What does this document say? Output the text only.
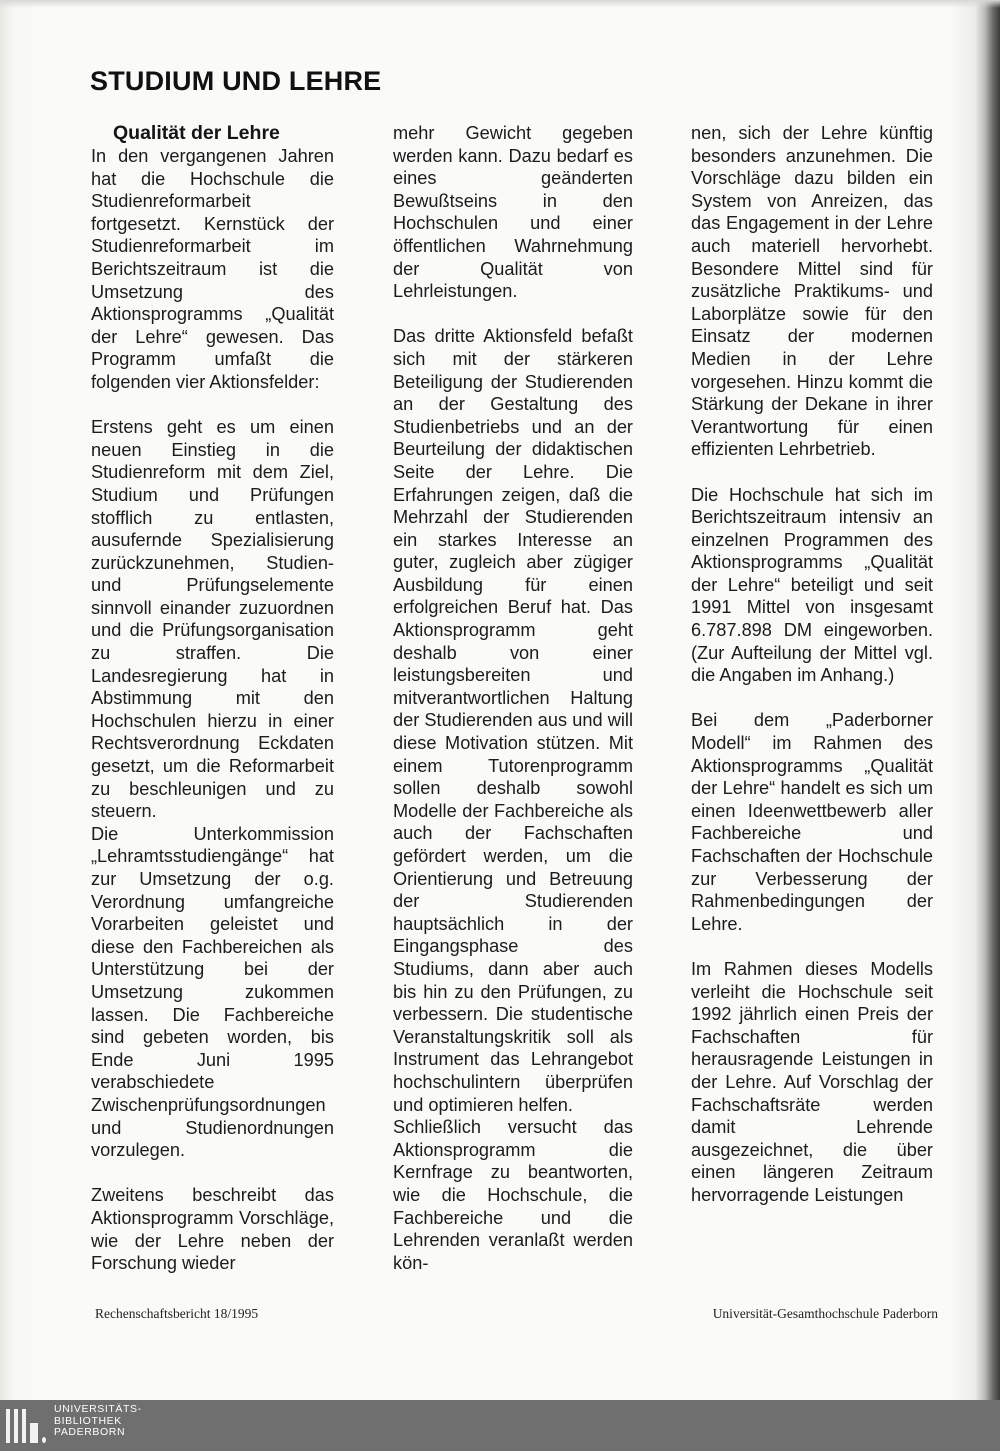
STUDIUM UND LEHRE
Qualität der Lehre

In den vergangenen Jahren hat die Hochschule die Studienreformarbeit fortgesetzt. Kernstück der Studienreformarbeit im Berichtszeitraum ist die Umsetzung des Aktionsprogramms „Qualität der Lehre“ gewesen. Das Programm umfaßt die folgenden vier Aktionsfelder:

Erstens geht es um einen neuen Einstieg in die Studienreform mit dem Ziel, Studium und Prüfungen stofflich zu entlasten, ausufernde Spezialisierung zurückzunehmen, Studien- und Prüfungselemente sinnvoll einander zuzuordnen und die Prüfungsorganisation zu straffen. Die Landesregierung hat in Abstimmung mit den Hochschulen hierzu in einer Rechtsverordnung Eckdaten gesetzt, um die Reformarbeit zu beschleunigen und zu steuern.

Die Unterkommission „Lehramtsstudiengänge“ hat zur Umsetzung der o.g. Verordnung umfangreiche Vorarbeiten geleistet und diese den Fachbereichen als Unterstützung bei der Umsetzung zukommen lassen. Die Fachbereiche sind gebeten worden, bis Ende Juni 1995 verabschiedete Zwischenprüfungsordnungen und Studienordnungen vorzulegen.

Zweitens beschreibt das Aktionsprogramm Vorschläge, wie der Lehre neben der Forschung wieder

mehr Gewicht gegeben werden kann. Dazu bedarf es eines geänderten Bewußtseins in den Hochschulen und einer öffentlichen Wahrnehmung der Qualität von Lehrleistungen.

Das dritte Aktionsfeld befaßt sich mit der stärkeren Beteiligung der Studierenden an der Gestaltung des Studienbetriebs und an der Beurteilung der didaktischen Seite der Lehre. Die Erfahrungen zeigen, daß die Mehrzahl der Studierenden ein starkes Interesse an guter, zugleich aber zügiger Ausbildung für einen erfolgreichen Beruf hat. Das Aktionsprogramm geht deshalb von einer leistungsbereiten und mitverantwortlichen Haltung der Studierenden aus und will diese Motivation stützen. Mit einem Tutorenprogramm sollen deshalb sowohl Modelle der Fachbereiche als auch der Fachschaften gefördert werden, um die Orientierung und Betreuung der Studierenden hauptsächlich in der Eingangsphase des Studiums, dann aber auch bis hin zu den Prüfungen, zu verbessern. Die studentische Veranstaltungskritik soll als Instrument das Lehrangebot hochschulintern überprüfen und optimieren helfen.

Schließlich versucht das Aktionsprogramm die Kernfrage zu beantworten, wie die Hochschule, die Fachbereiche und die Lehrenden veranlaßt werden kön-

nen, sich der Lehre künftig besonders anzunehmen. Die Vorschläge dazu bilden ein System von Anreizen, das das Engagement in der Lehre auch materiell hervorhebt. Besondere Mittel sind für zusätzliche Praktikums- und Laborplätze sowie für den Einsatz der modernen Medien in der Lehre vorgesehen. Hinzu kommt die Stärkung der Dekane in ihrer Verantwortung für einen effizienten Lehrbetrieb.

Die Hochschule hat sich im Berichtszeitraum intensiv an einzelnen Programmen des Aktionsprogramms „Qualität der Lehre“ beteiligt und seit 1991 Mittel von insgesamt 6.787.898 DM eingeworben. (Zur Aufteilung der Mittel vgl. die Angaben im Anhang.)

Bei dem „Paderborner Modell“ im Rahmen des Aktionsprogramms „Qualität der Lehre“ handelt es sich um einen Ideenwettbewerb aller Fachbereiche und Fachschaften der Hochschule zur Verbesserung der Rahmenbedingungen der Lehre.

Im Rahmen dieses Modells verleiht die Hochschule seit 1992 jährlich einen Preis der Fachschaften für herausragende Leistungen in der Lehre. Auf Vorschlag der Fachschaftsräte werden damit Lehrende ausgezeichnet, die über einen längeren Zeitraum hervorragende Leistungen

Rechenschaftsbericht 18/1995	Universität-Gesamthochschule Paderborn
UNIVERSITÄTS-
BIBLIOTHEK
PADERBORN
